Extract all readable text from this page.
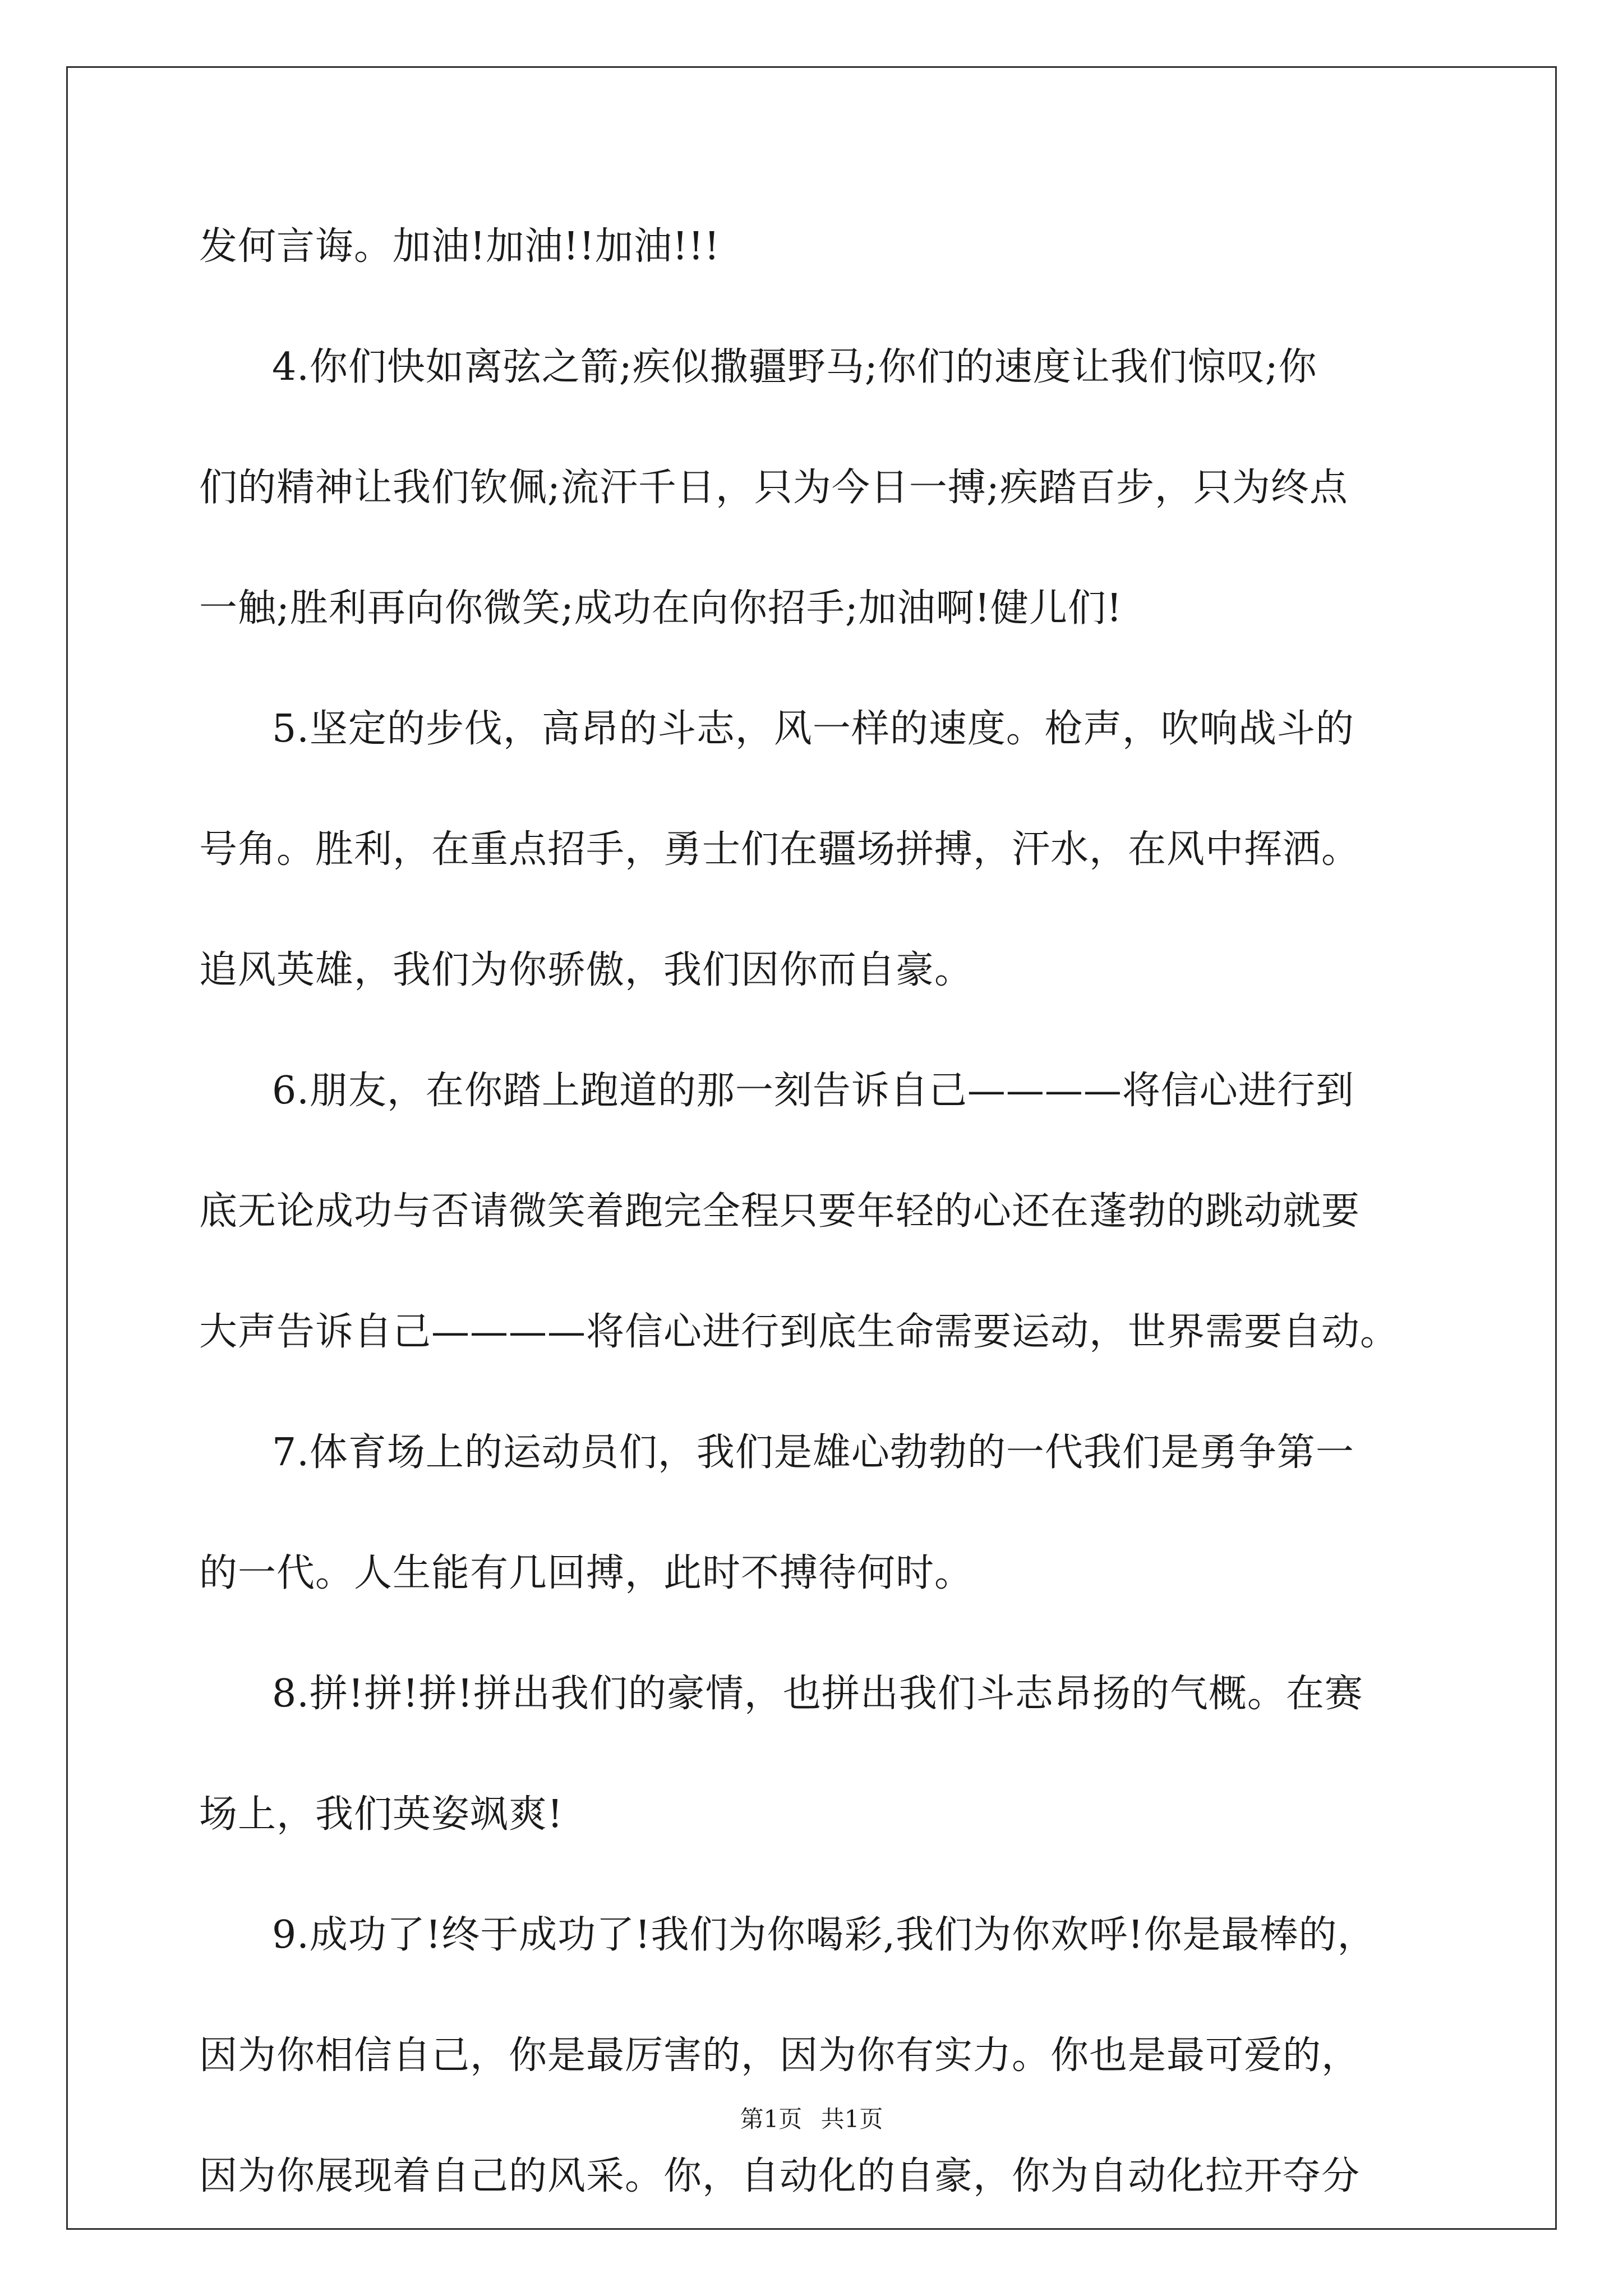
发何言诲。加油!加油!!加油!!!
4.你们快如离弦之箭;疾似撒疆野马;你们的速度让我们惊叹;你
们的精神让我们钦佩;流汗千日，只为今日一搏;疾踏百步，只为终点
一触;胜利再向你微笑;成功在向你招手;加油啊!健儿们!
5.坚定的步伐，高昂的斗志，风一样的速度。枪声，吹响战斗的
号角。胜利，在重点招手，勇士们在疆场拼搏，汗水，在风中挥洒。
追风英雄，我们为你骄傲，我们因你而自豪。
6.朋友，在你踏上跑道的那一刻告诉自己————将信心进行到
底无论成功与否请微笑着跑完全程只要年轻的心还在蓬勃的跳动就要
大声告诉自己————将信心进行到底生命需要运动，世界需要自动。
7.体育场上的运动员们，我们是雄心勃勃的一代我们是勇争第一
的一代。人生能有几回搏，此时不搏待何时。
8.拼!拼!拼!拼出我们的豪情，也拼出我们斗志昂扬的气概。在赛
场上，我们英姿飒爽!
9.成功了!终于成功了!我们为你喝彩,我们为你欢呼!你是最棒的，
因为你相信自己，你是最厉害的，因为你有实力。你也是最可爱的，
因为你展现着自己的风采。你，自动化的自豪，你为自动化拉开夺分
第1页 共1页
